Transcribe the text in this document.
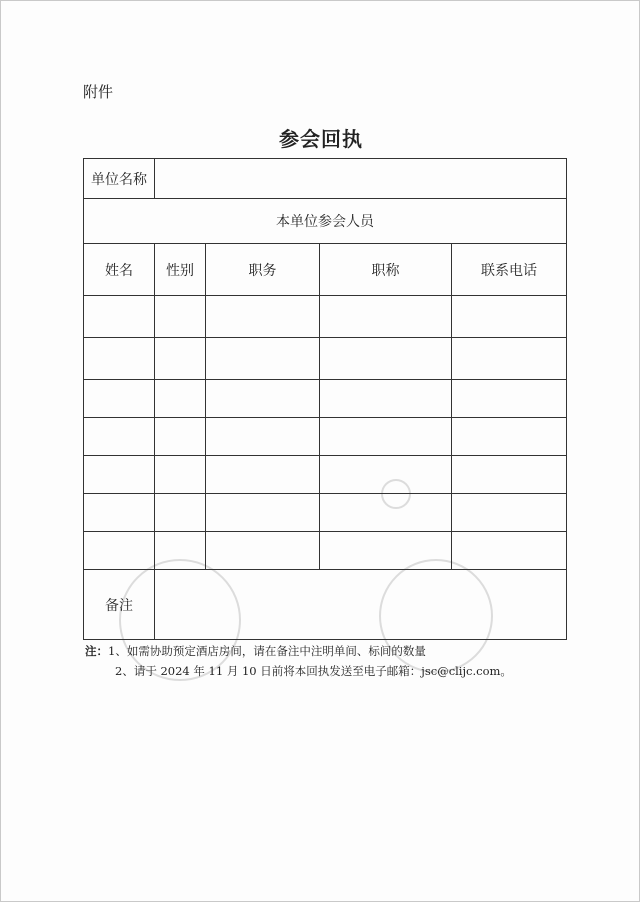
附件
参会回执
单位名称				
本单位参会人员				
姓名	性别	职务	职称	联系电话

备注				
注：1、如需协助预定酒店房间，请在备注中注明单间、标间的数量
2、请于 2024 年 11 月 10 日前将本回执发送至电子邮箱：jsc@clijc.com。
